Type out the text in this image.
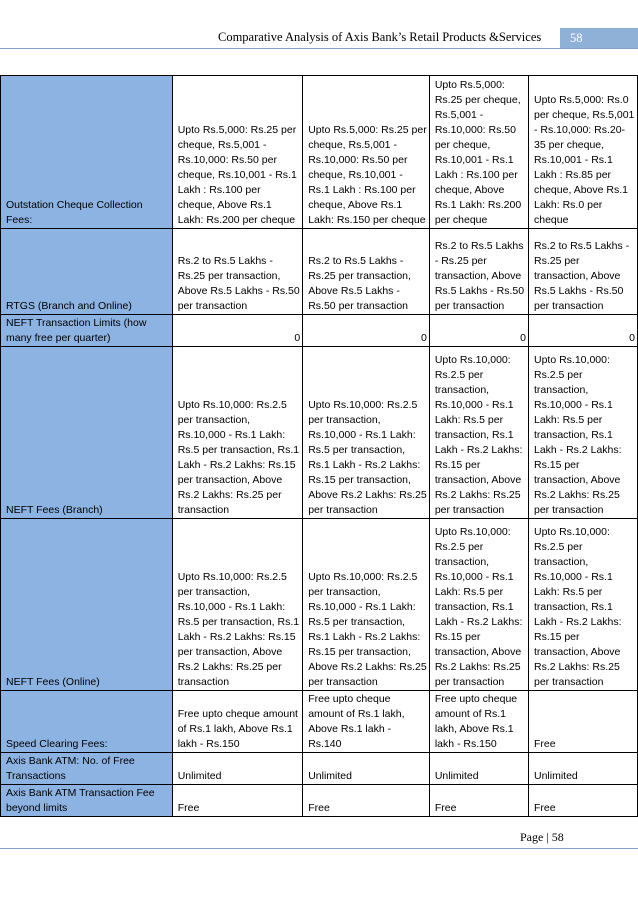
Comparative Analysis of Axis Bank’s Retail Products &Services	58
Outstation Cheque Collection Fees:	Upto Rs.5,000: Rs.25 per cheque, Rs.5,001 - Rs.10,000: Rs.50 per cheque, Rs.10,001 - Rs.1 Lakh : Rs.100 per cheque, Above Rs.1 Lakh: Rs.200 per cheque	Upto Rs.5,000: Rs.25 per cheque, Rs.5,001 - Rs.10,000: Rs.50 per cheque, Rs.10,001 - Rs.1 Lakh : Rs.100 per cheque, Above Rs.1 Lakh: Rs.150 per cheque	Upto Rs.5,000: Rs.25 per cheque, Rs.5,001 - Rs.10,000: Rs.50 per cheque, Rs.10,001 - Rs.1 Lakh : Rs.100 per cheque, Above Rs.1 Lakh: Rs.200 per cheque	Upto Rs.5,000: Rs.0 per cheque, Rs.5,001 - Rs.10,000: Rs.20-35 per cheque, Rs.10,001 - Rs.1 Lakh : Rs.85 per cheque, Above Rs.1 Lakh: Rs.0 per cheque
RTGS (Branch and Online)	Rs.2 to Rs.5 Lakhs - Rs.25 per transaction, Above Rs.5 Lakhs - Rs.50 per transaction	Rs.2 to Rs.5 Lakhs - Rs.25 per transaction, Above Rs.5 Lakhs - Rs.50 per transaction	Rs.2 to Rs.5 Lakhs - Rs.25 per transaction, Above Rs.5 Lakhs - Rs.50 per transaction	Rs.2 to Rs.5 Lakhs - Rs.25 per transaction, Above Rs.5 Lakhs - Rs.50 per transaction
NEFT Transaction Limits (how many free per quarter)	0	0	0	0
NEFT Fees (Branch)	Upto Rs.10,000: Rs.2.5 per transaction, Rs.10,000 - Rs.1 Lakh: Rs.5 per transaction, Rs.1 Lakh - Rs.2 Lakhs: Rs.15 per transaction, Above Rs.2 Lakhs: Rs.25 per transaction	Upto Rs.10,000: Rs.2.5 per transaction, Rs.10,000 - Rs.1 Lakh: Rs.5 per transaction, Rs.1 Lakh - Rs.2 Lakhs: Rs.15 per transaction, Above Rs.2 Lakhs: Rs.25 per transaction	Upto Rs.10,000: Rs.2.5 per transaction, Rs.10,000 - Rs.1 Lakh: Rs.5 per transaction, Rs.1 Lakh - Rs.2 Lakhs: Rs.15 per transaction, Above Rs.2 Lakhs: Rs.25 per transaction	Upto Rs.10,000: Rs.2.5 per transaction, Rs.10,000 - Rs.1 Lakh: Rs.5 per transaction, Rs.1 Lakh - Rs.2 Lakhs: Rs.15 per transaction, Above Rs.2 Lakhs: Rs.25 per transaction
NEFT Fees (Online)	Upto Rs.10,000: Rs.2.5 per transaction, Rs.10,000 - Rs.1 Lakh: Rs.5 per transaction, Rs.1 Lakh - Rs.2 Lakhs: Rs.15 per transaction, Above Rs.2 Lakhs: Rs.25 per transaction	Upto Rs.10,000: Rs.2.5 per transaction, Rs.10,000 - Rs.1 Lakh: Rs.5 per transaction, Rs.1 Lakh - Rs.2 Lakhs: Rs.15 per transaction, Above Rs.2 Lakhs: Rs.25 per transaction	Upto Rs.10,000: Rs.2.5 per transaction, Rs.10,000 - Rs.1 Lakh: Rs.5 per transaction, Rs.1 Lakh - Rs.2 Lakhs: Rs.15 per transaction, Above Rs.2 Lakhs: Rs.25 per transaction	Upto Rs.10,000: Rs.2.5 per transaction, Rs.10,000 - Rs.1 Lakh: Rs.5 per transaction, Rs.1 Lakh - Rs.2 Lakhs: Rs.15 per transaction, Above Rs.2 Lakhs: Rs.25 per transaction
Speed Clearing Fees:	Free upto cheque amount of Rs.1 lakh, Above Rs.1 lakh - Rs.150	Free upto cheque amount of Rs.1 lakh, Above Rs.1 lakh - Rs.140	Free upto cheque amount of Rs.1 lakh, Above Rs.1 lakh - Rs.150	Free
Axis Bank ATM: No. of Free Transactions	Unlimited	Unlimited	Unlimited	Unlimited
Axis Bank ATM Transaction Fee beyond limits	Free	Free	Free	Free
Page | 58
